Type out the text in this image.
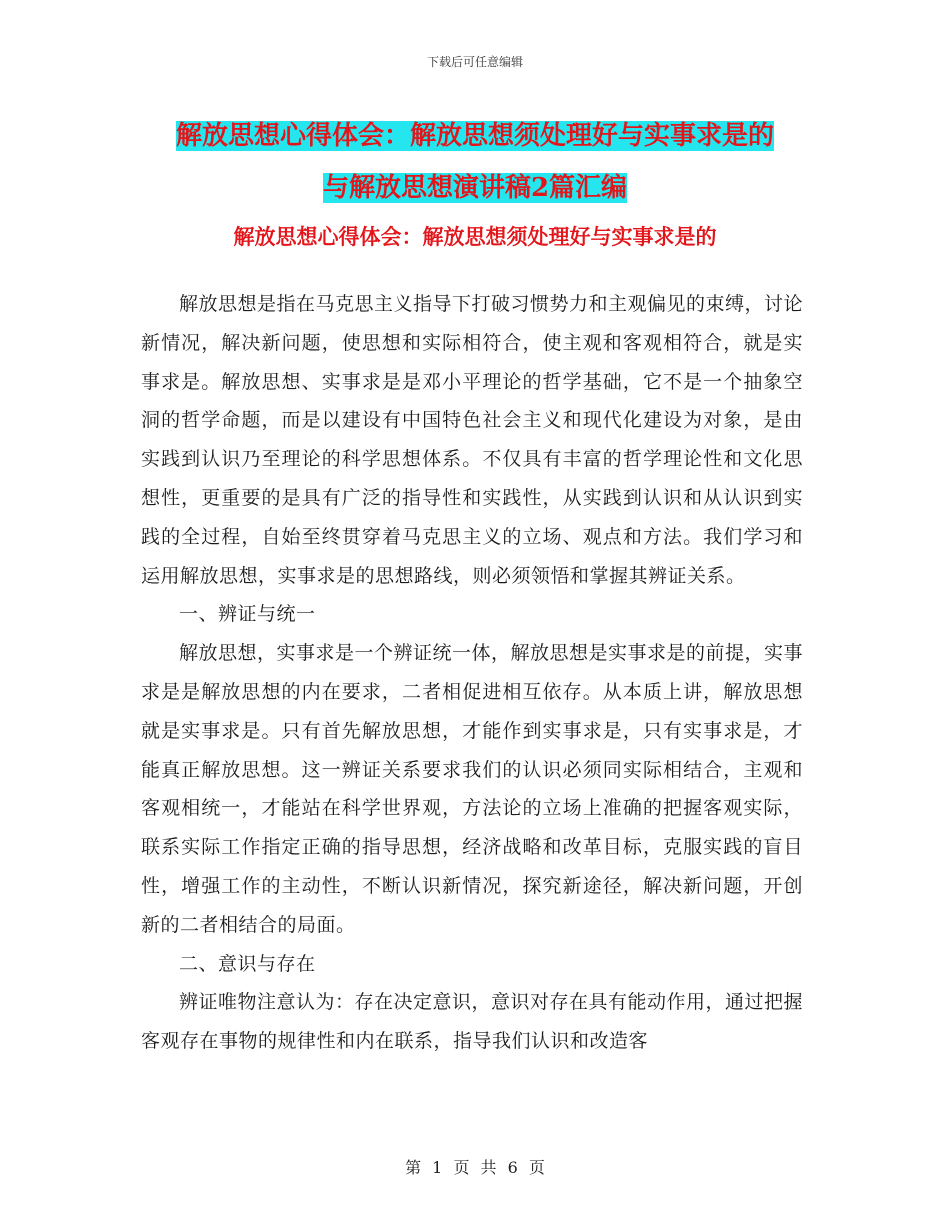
下载后可任意编辑
解放思想心得体会：解放思想须处理好与实事求是的
与解放思想演讲稿2篇汇编
解放思想心得体会：解放思想须处理好与实事求是的

解放思想是指在马克思主义指导下打破习惯势力和主观偏见的束缚，讨论新情况，解决新问题，使思想和实际相符合，使主观和客观相符合，就是实事求是。解放思想、实事求是是邓小平理论的哲学基础，它不是一个抽象空洞的哲学命题，而是以建设有中国特色社会主义和现代化建设为对象，是由实践到认识乃至理论的科学思想体系。不仅具有丰富的哲学理论性和文化思想性，更重要的是具有广泛的指导性和实践性，从实践到认识和从认识到实践的全过程，自始至终贯穿着马克思主义的立场、观点和方法。我们学习和运用解放思想，实事求是的思想路线，则必须领悟和掌握其辨证关系。

一、辨证与统一

解放思想，实事求是一个辨证统一体，解放思想是实事求是的前提，实事求是是解放思想的内在要求，二者相促进相互依存。从本质上讲，解放思想就是实事求是。只有首先解放思想，才能作到实事求是，只有实事求是，才能真正解放思想。这一辨证关系要求我们的认识必须同实际相结合，主观和客观相统一，才能站在科学世界观，方法论的立场上准确的把握客观实际，联系实际工作指定正确的指导思想，经济战略和改革目标，克服实践的盲目性，增强工作的主动性，不断认识新情况，探究新途径，解决新问题，开创新的二者相结合的局面。

二、意识与存在

辨证唯物注意认为：存在决定意识，意识对存在具有能动作用，通过把握客观存在事物的规律性和内在联系，指导我们认识和改造客

第 1 页 共 6 页
